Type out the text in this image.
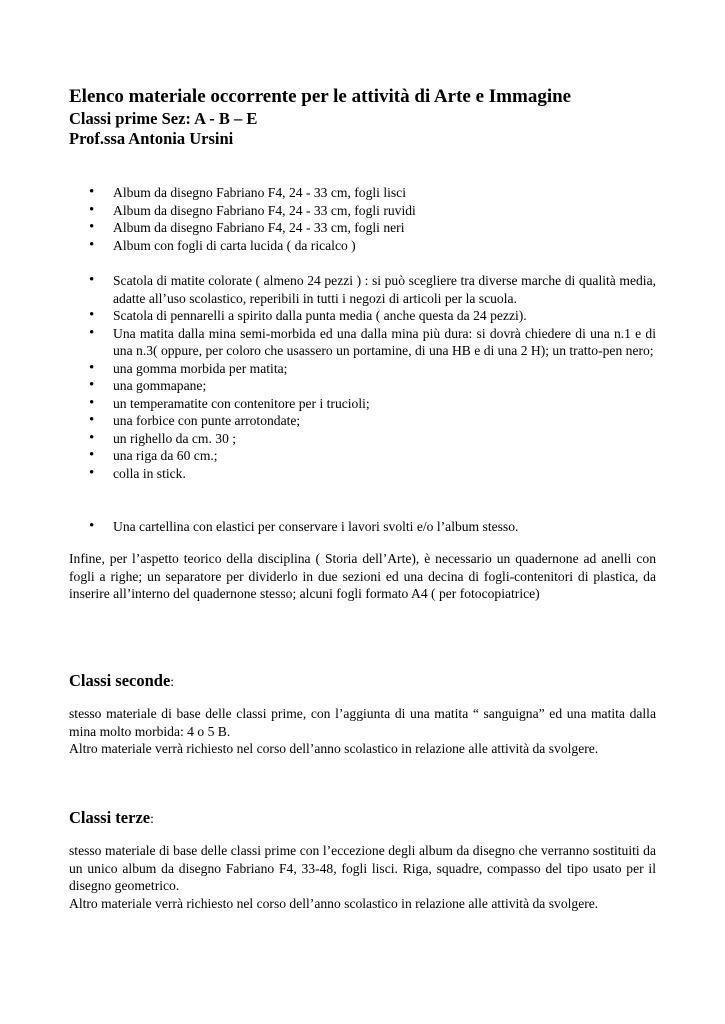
Elenco materiale occorrente per le attività di Arte e Immagine
Classi prime Sez: A - B – E
Prof.ssa Antonia Ursini
• Album da disegno Fabriano F4, 24 - 33 cm, fogli lisci
• Album da disegno Fabriano F4, 24 - 33 cm, fogli ruvidi
• Album da disegno Fabriano F4, 24 - 33 cm, fogli neri
• Album con fogli di carta lucida ( da ricalco )
• Scatola di matite colorate ( almeno 24 pezzi ) : si può scegliere tra diverse marche di qualità media, adatte all’uso scolastico, reperibili in tutti i negozi di articoli per la scuola.
• Scatola di pennarelli a spirito dalla punta media ( anche questa da 24 pezzi).
• Una matita dalla mina semi-morbida ed una dalla mina più dura: si dovrà chiedere di una n.1 e di una n.3( oppure, per coloro che usassero un portamine, di una HB e di una 2 H); un tratto-pen nero;
• una gomma morbida per matita;
• una gommapane;
• un temperamatite con contenitore per i trucioli;
• una forbice con punte arrotondate;
• un righello da cm. 30 ;
• una riga da 60 cm.;
• colla in stick.
• Una cartellina con elastici per conservare i lavori svolti e/o l’album stesso.

Infine, per l’aspetto teorico della disciplina ( Storia dell’Arte), è necessario un quadernone ad anelli con fogli a righe; un separatore per dividerlo in due sezioni ed una decina di fogli-contenitori di plastica, da inserire all’interno del quadernone stesso; alcuni fogli formato A4 ( per fotocopiatrice)

Classi seconde:
stesso materiale di base delle classi prime, con l’aggiunta di una matita “ sanguigna” ed una matita dalla mina molto morbida: 4 o 5 B.
Altro materiale verrà richiesto nel corso dell’anno scolastico in relazione alle attività da svolgere.
Classi terze:
stesso materiale di base delle classi prime con l’eccezione degli album da disegno che verranno sostituiti da un unico album da disegno Fabriano F4, 33-48, fogli lisci. Riga, squadre, compasso del tipo usato per il disegno geometrico.
Altro materiale verrà richiesto nel corso dell’anno scolastico in relazione alle attività da svolgere.
